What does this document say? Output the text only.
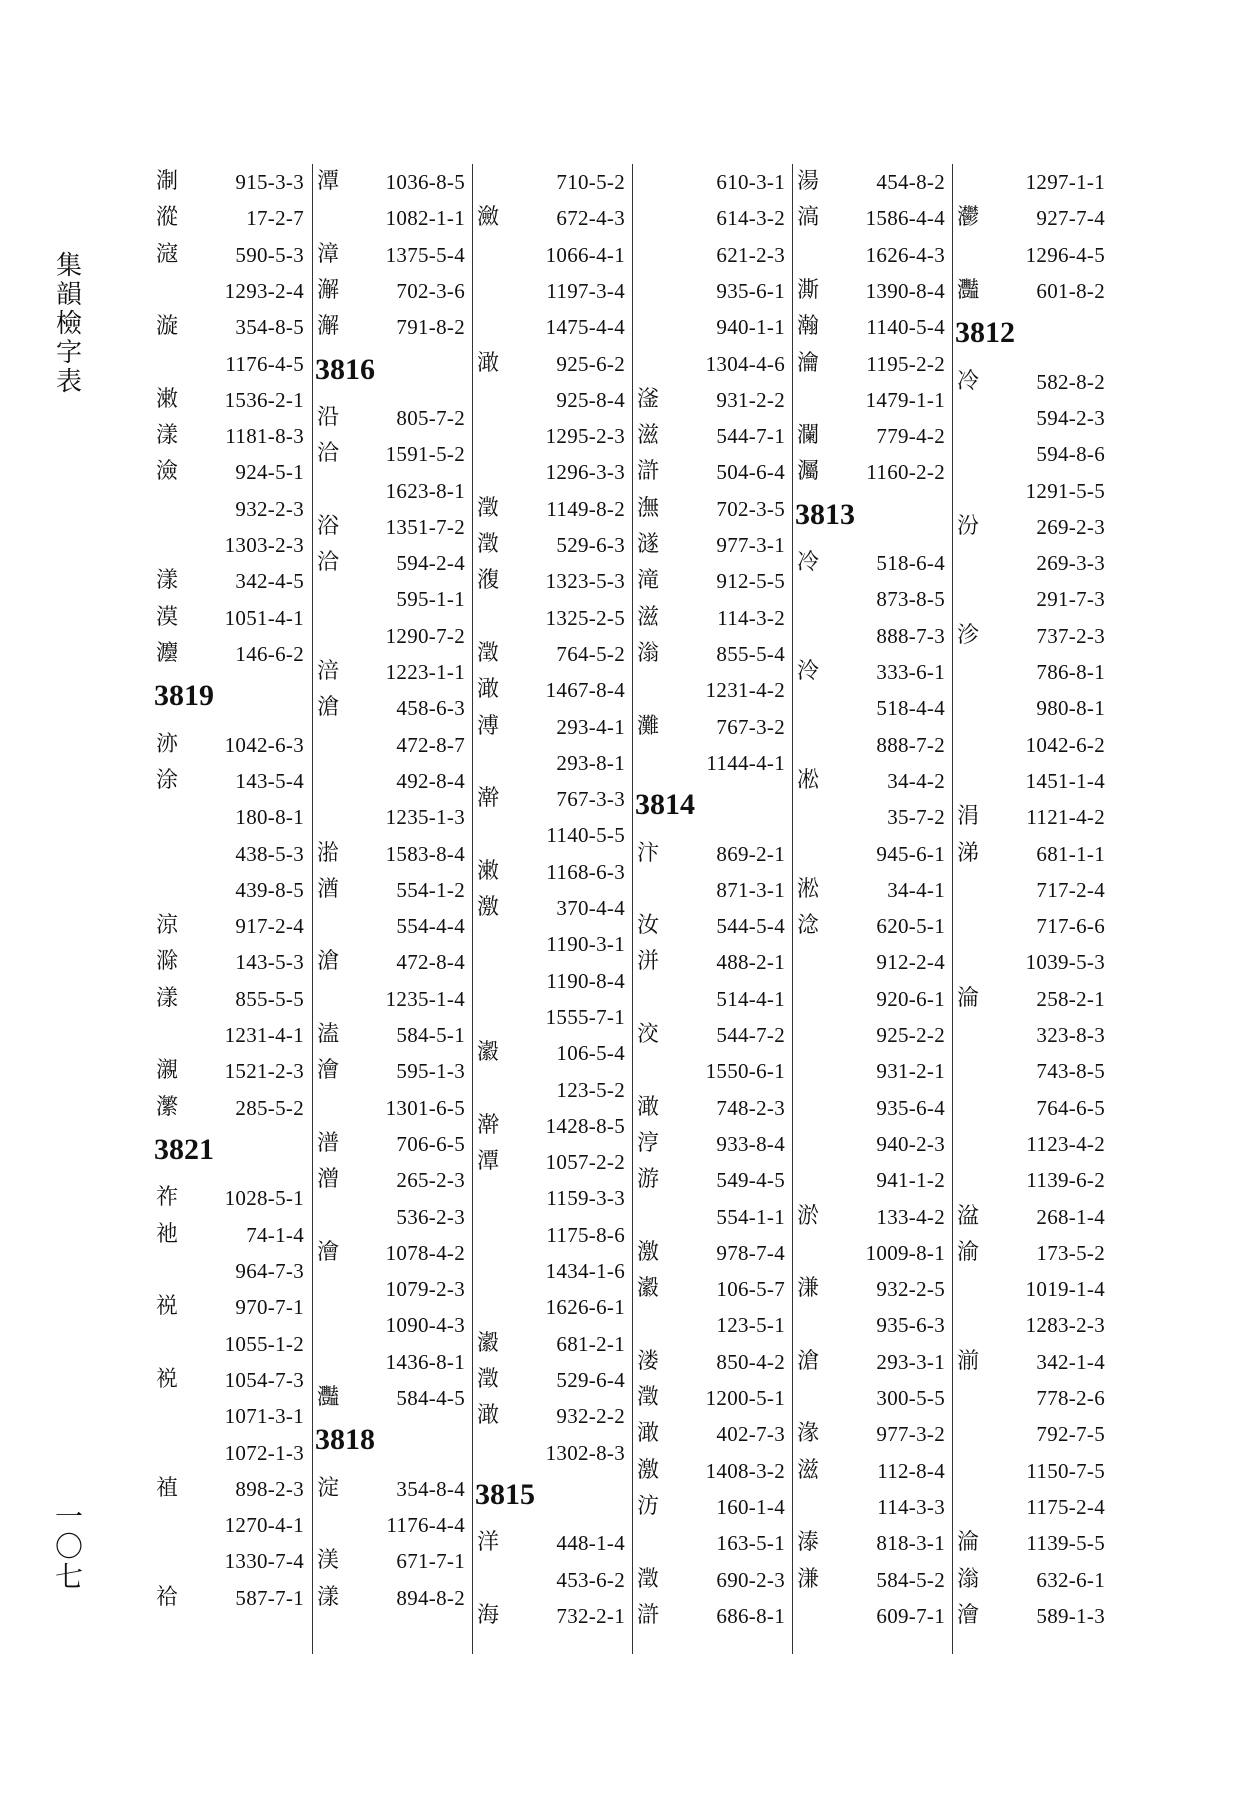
集韻檢字表
一〇七
淛	915-3-3
漎	17-2-7
滱	590-5-3
1293-2-4
漩	354-8-5
1176-4-5
潄	1536-2-1
漾	1181-8-3
澰	924-5-1
932-2-3
1303-2-3
漾	342-4-5
漠	1051-4-1
灋	146-6-2
3819
洂	1042-6-3
涂	143-5-4
180-8-1
438-5-3
439-8-5
涼	917-2-4
滁	143-5-3
漾	855-5-5
1231-4-1
瀙	1521-2-3
瀿	285-5-2
3821
祚	1028-5-1
祂	74-1-4
964-7-3
祱	970-7-1
1055-1-2
裞	1054-7-3
1071-3-1
1072-1-3
禃	898-2-3
1270-4-1
1330-7-4
祫	587-7-1
潭	1036-8-5
1082-1-1
漳	1375-5-4
澥	702-3-6
澥	791-8-2
3816
沿	805-7-2
洽	1591-5-2
1623-8-1
浴	1351-7-2
洽	594-2-4
595-1-1
1290-7-2
涪	1223-1-1
滄	458-6-3
472-8-7
492-8-4
1235-1-3
湁	1583-8-4
湭	554-1-2
554-4-4
滄	472-8-4
1235-1-4
溘	584-5-1
澮	595-1-3
1301-6-5
潽	706-6-5
潧	265-2-3
536-2-3
澮	1078-4-2
1079-2-3
1090-4-3
1436-8-1
灩	584-4-5
3818
淀	354-8-4
1176-4-4
渼	671-7-1
漾	894-8-2
710-5-2
瀲	672-4-3
1066-4-1
1197-3-4
1475-4-4
澉	925-6-2
925-8-4
1295-2-3
1296-3-3
澂	1149-8-2
澂	529-6-3
澓	1323-5-3
1325-2-5
澂	764-5-2
澉	1467-8-4
溥	293-4-1
293-8-1
澣	767-3-3
1140-5-5
潄	1168-6-3
激	370-4-4
1190-3-1
1190-8-4
1555-7-1
瀫	106-5-4
123-5-2
澣	1428-8-5
潭	1057-2-2
1159-3-3
1175-8-6
1434-1-6
1626-6-1
瀫	681-2-1
澂	529-6-4
澉	932-2-2
1302-8-3
3815
洋	448-1-4
453-6-2
海	732-2-1
610-3-1
614-3-2
621-2-3
935-6-1
940-1-1
1304-4-6
滏	931-2-2
滋	544-7-1
滸	504-6-4
潕	702-3-5
澻	977-3-1
滝	912-5-5
滋	114-3-2
滃	855-5-4
1231-4-2
灘	767-3-2
1144-4-1
3814
汴	869-2-1
871-3-1
汝	544-5-4
洴	488-2-1
514-4-1
洨	544-7-2
1550-6-1
澉	748-2-3
涥	933-8-4
游	549-4-5
554-1-1
激	978-7-4
瀫	106-5-7
123-5-1
溇	850-4-2
澂	1200-5-1
澉	402-7-3
激	1408-3-2
汸	160-1-4
163-5-1
澂	690-2-3
滸	686-8-1
湯	454-8-2
滈	1586-4-4
1626-4-3
澌	1390-8-4
瀚	1140-5-4
瀹	1195-2-2
1479-1-1
瀾	779-4-2
灟	1160-2-2
3813
冷	518-6-4
873-8-5
888-7-3
泠	333-6-1
518-4-4
888-7-2
凇	34-4-2
35-7-2
945-6-1
淞	34-4-1
淰	620-5-1
912-2-4
920-6-1
925-2-2
931-2-1
935-6-4
940-2-3
941-1-2
淤	133-4-2
1009-8-1
溓	932-2-5
935-6-3
滄	293-3-1
300-5-5
湪	977-3-2
滋	112-8-4
114-3-3
溙	818-3-1
溓	584-5-2
609-7-1
1297-1-1
灪	927-7-4
1296-4-5
灩	601-8-2
3812
冷	582-8-2
594-2-3
594-8-6
1291-5-5
汾	269-2-3
269-3-3
291-7-3
沴	737-2-3
786-8-1
980-8-1
1042-6-2
1451-1-4
涓	1121-4-2
涕	681-1-1
717-2-4
717-6-6
1039-5-3
淪	258-2-1
323-8-3
743-8-5
764-6-5
1123-4-2
1139-6-2
湓	268-1-4
渝	173-5-2
1019-1-4
1283-2-3
湔	342-1-4
778-2-6
792-7-5
1150-7-5
1175-2-4
淪	1139-5-5
滃	632-6-1
澮	589-1-3
